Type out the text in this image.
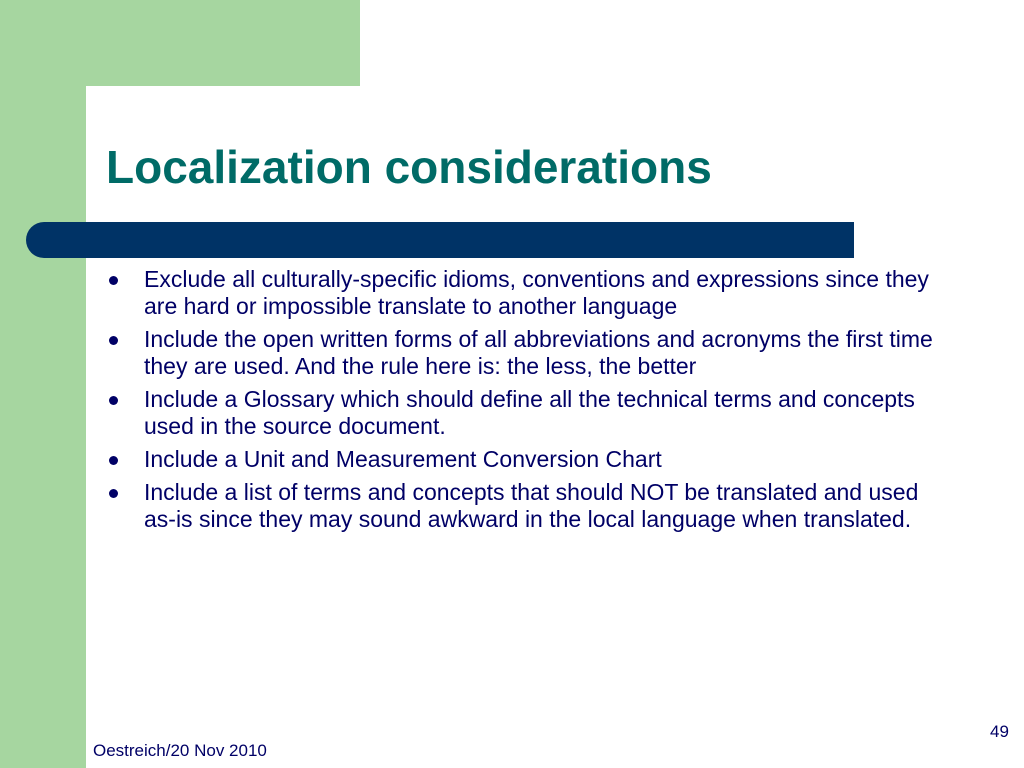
Localization considerations
Exclude all culturally-specific idioms, conventions and expressions since they are hard or impossible translate to another language
Include the open written forms of all abbreviations and acronyms the first time they are used. And the rule here is: the less, the better
Include a Glossary which should define all the technical terms and concepts used in the source document.
Include a Unit and Measurement Conversion Chart
Include a list of terms and concepts that should NOT be translated and used as-is since they may sound awkward in the local language when translated.
Oestreich/20 Nov 2010
49
